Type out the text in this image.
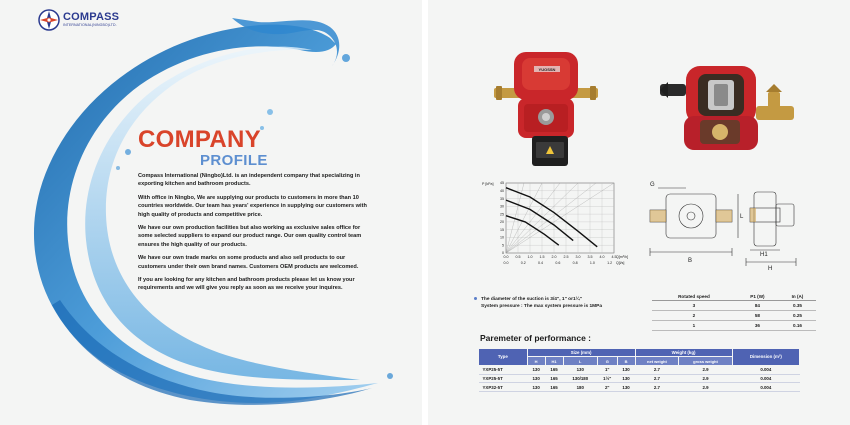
COMPASS
INTERNATIONAL(NINGBO)LTD.
COMPANY
PROFILE

Compass International (Ningbo)Ltd. is an independent company that specializing in exporting kitchen and bathroom products.

With office in Ningbo, We are supplying our products to customers in more than 10 countries worldwide. Our team has years' experience in supplying our customers with high quality of products and competitive price.

We have our own production facilities but also working as exclusive sales office for some selected suppliers to expand our product range. Our own quality control team ensures the high quality of our products.

We have our own trade marks on some products and also sell products to our customers under their own brand names. Customers OEM products are welcomed.

If you are looking for any kitchen and bathroom products please let us know your requirements and we will give you reply as soon as we receive your inquires.

YUOSSN
45
40
35
30
25
20
15
10
5
0
0.0 0.5 1.0 1.5 2.0 2.5 3.0 3.5 4.0 4.5 Q[m³/h]
0.0	0.2	0.4	0.6	0.8	1.0	1.2 Q[l/s]
P [kPa]	G
L
B
H
H1
The diameter of the suction is 3/4", 1" or1¼"
System pressure : The max system pressure is 1MPa
Rotated speed	P1 (W)	In (A)
3	84	0.35
2	58	0.25
1	36	0.16
Paremeter of performance :
Type	Size (mm)					Weight (kg)		Dimension (m³)
	H	H1	L	G	B	net weight	gross weight	
YXP25-5T	130	165	130	1"	130	2.7	2.9	0.004
YXP25-5T	130	165	130/180	1½"	130	2.7	2.9	0.004
YXP32-5T	130	165	180	2"	130	2.7	2.9	0.004
